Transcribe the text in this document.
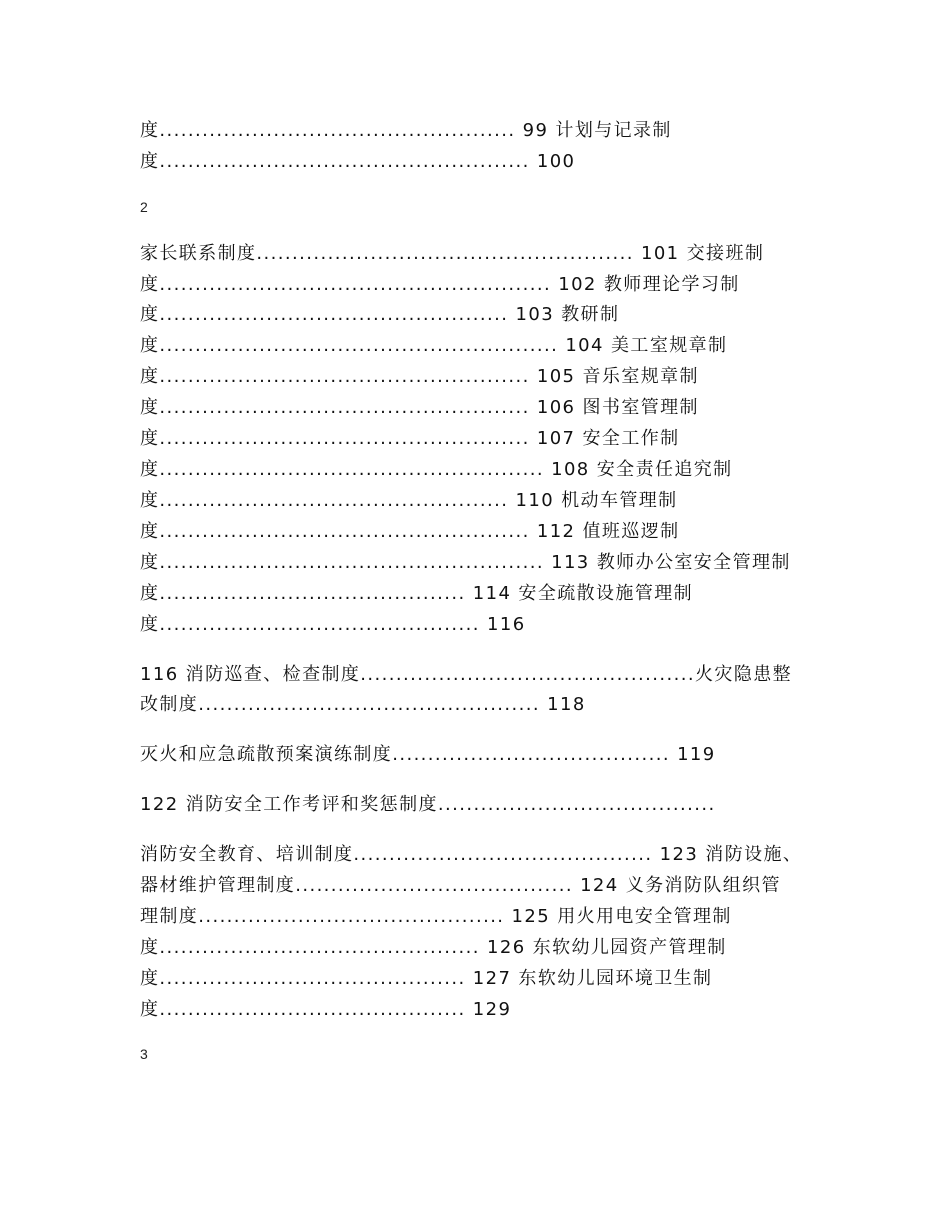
度.................................................. 99 计划与记录制
度.................................................... 100
2
家长联系制度..................................................... 101 交接班制
度....................................................... 102 教师理论学习制
度................................................. 103 教研制
度........................................................ 104 美工室规章制
度.................................................... 105 音乐室规章制
度.................................................... 106 图书室管理制
度.................................................... 107 安全工作制
度...................................................... 108 安全责任追究制
度................................................. 110 机动车管理制
度.................................................... 112 值班巡逻制
度...................................................... 113 教师办公室安全管理制
度........................................... 114 安全疏散设施管理制
度............................................. 116
116 消防巡查、检查制度...............................................火灾隐患整
改制度................................................ 118
灭火和应急疏散预案演练制度....................................... 119
122 消防安全工作考评和奖惩制度.......................................
消防安全教育、培训制度.......................................... 123 消防设施、
器材维护管理制度....................................... 124 义务消防队组织管
理制度........................................... 125 用火用电安全管理制
度............................................. 126 东软幼儿园资产管理制
度........................................... 127 东软幼儿园环境卫生制
度........................................... 129
3
